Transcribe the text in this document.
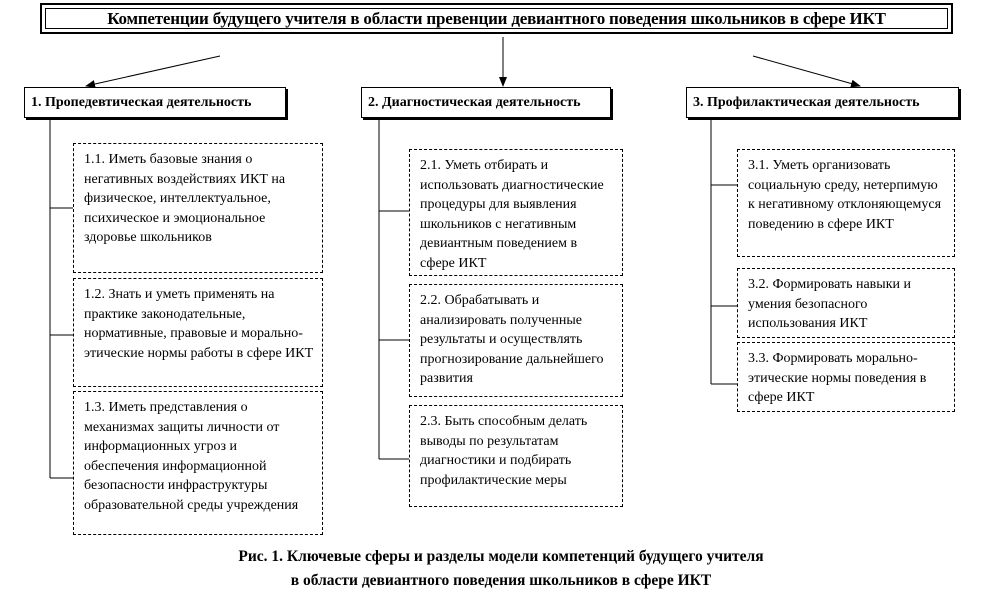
Компетенции будущего учителя в области превенции девиантного поведения школьников в сфере ИКТ
1. Пропедевтическая деятельность	2. Диагностическая деятельность	3. Профилактическая деятельность
1.1. Иметь базовые знания о негативных воздействиях ИКТ на физическое, интеллектуальное, психическое и эмоциональное здоровье школьников
1.2. Знать и уметь применять на практике законодательные, нормативные, правовые и морально-этические нормы работы в сфере ИКТ
1.3. Иметь представления о механизмах защиты личности от информационных угроз и обеспечения информационной безопасности инфраструктуры образовательной среды учреждения
2.1. Уметь отбирать и использовать диагностические процедуры для выявления школьников с негативным девиантным поведением в сфере ИКТ
2.2. Обрабатывать и анализировать полученные результаты и осуществлять прогнозирование дальнейшего развития
2.3. Быть способным делать выводы по результатам диагностики и подбирать профилактические меры
3.1. Уметь организовать социальную среду, нетерпимую к негативному отклоняющемуся поведению в сфере ИКТ
3.2. Формировать навыки и умения безопасного использования ИКТ
3.3. Формировать морально-этические нормы поведения в сфере ИКТ
Рис. 1. Ключевые сферы и разделы модели компетенций будущего учителя
в области девиантного поведения школьников в сфере ИКТ
